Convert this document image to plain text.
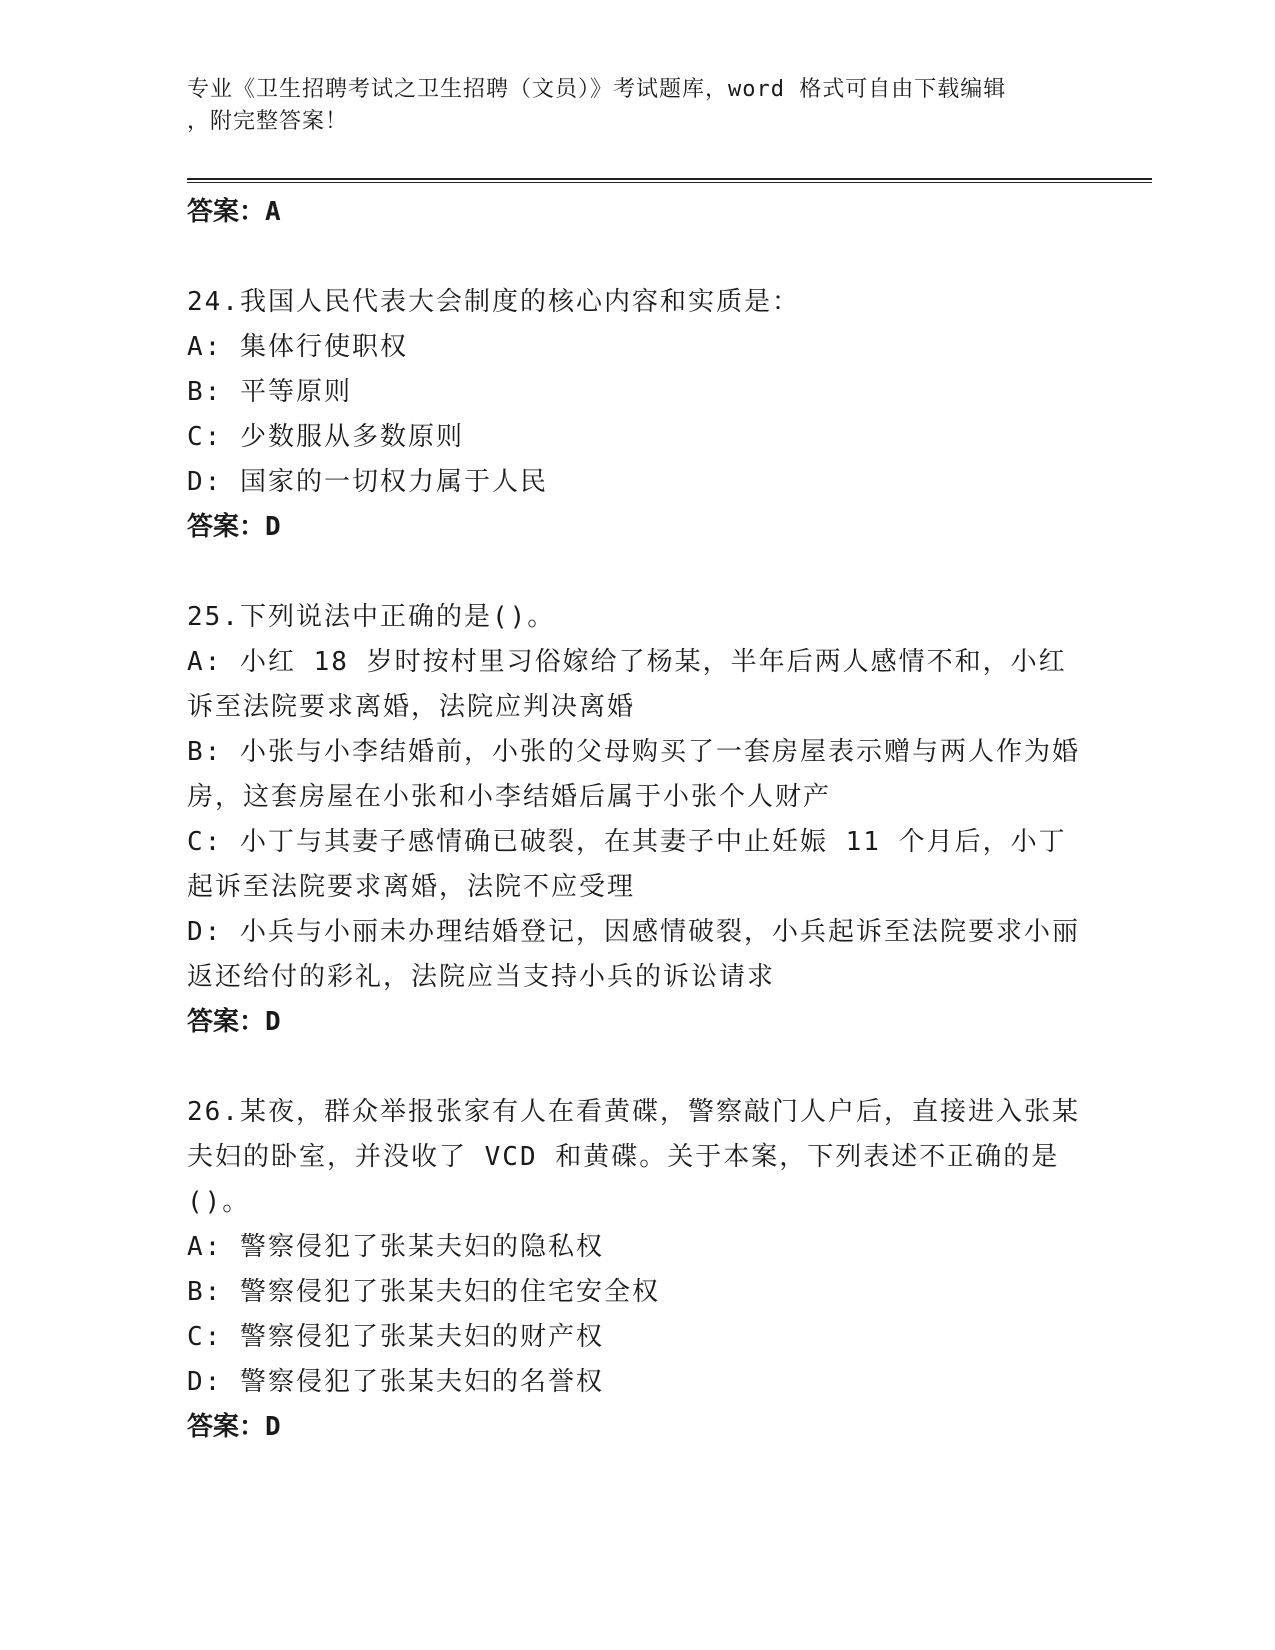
专业《卫生招聘考试之卫生招聘（文员）》考试题库，word 格式可自由下载编辑
，附完整答案！
答案：A
24.我国人民代表大会制度的核心内容和实质是：
A: 集体行使职权
B: 平等原则
C: 少数服从多数原则
D: 国家的一切权力属于人民
答案：D
25.下列说法中正确的是()。
A: 小红 18 岁时按村里习俗嫁给了杨某，半年后两人感情不和，小红诉至法院要求离婚，法院应判决离婚
B: 小张与小李结婚前，小张的父母购买了一套房屋表示赠与两人作为婚房，这套房屋在小张和小李结婚后属于小张个人财产
C: 小丁与其妻子感情确已破裂，在其妻子中止妊娠 11 个月后，小丁起诉至法院要求离婚，法院不应受理
D: 小兵与小丽未办理结婚登记，因感情破裂，小兵起诉至法院要求小丽返还给付的彩礼，法院应当支持小兵的诉讼请求
答案：D
26.某夜，群众举报张家有人在看黄碟，警察敲门人户后，直接进入张某夫妇的卧室，并没收了 VCD 和黄碟。关于本案，下列表述不正确的是()。
A: 警察侵犯了张某夫妇的隐私权
B: 警察侵犯了张某夫妇的住宅安全权
C: 警察侵犯了张某夫妇的财产权
D: 警察侵犯了张某夫妇的名誉权
答案：D
